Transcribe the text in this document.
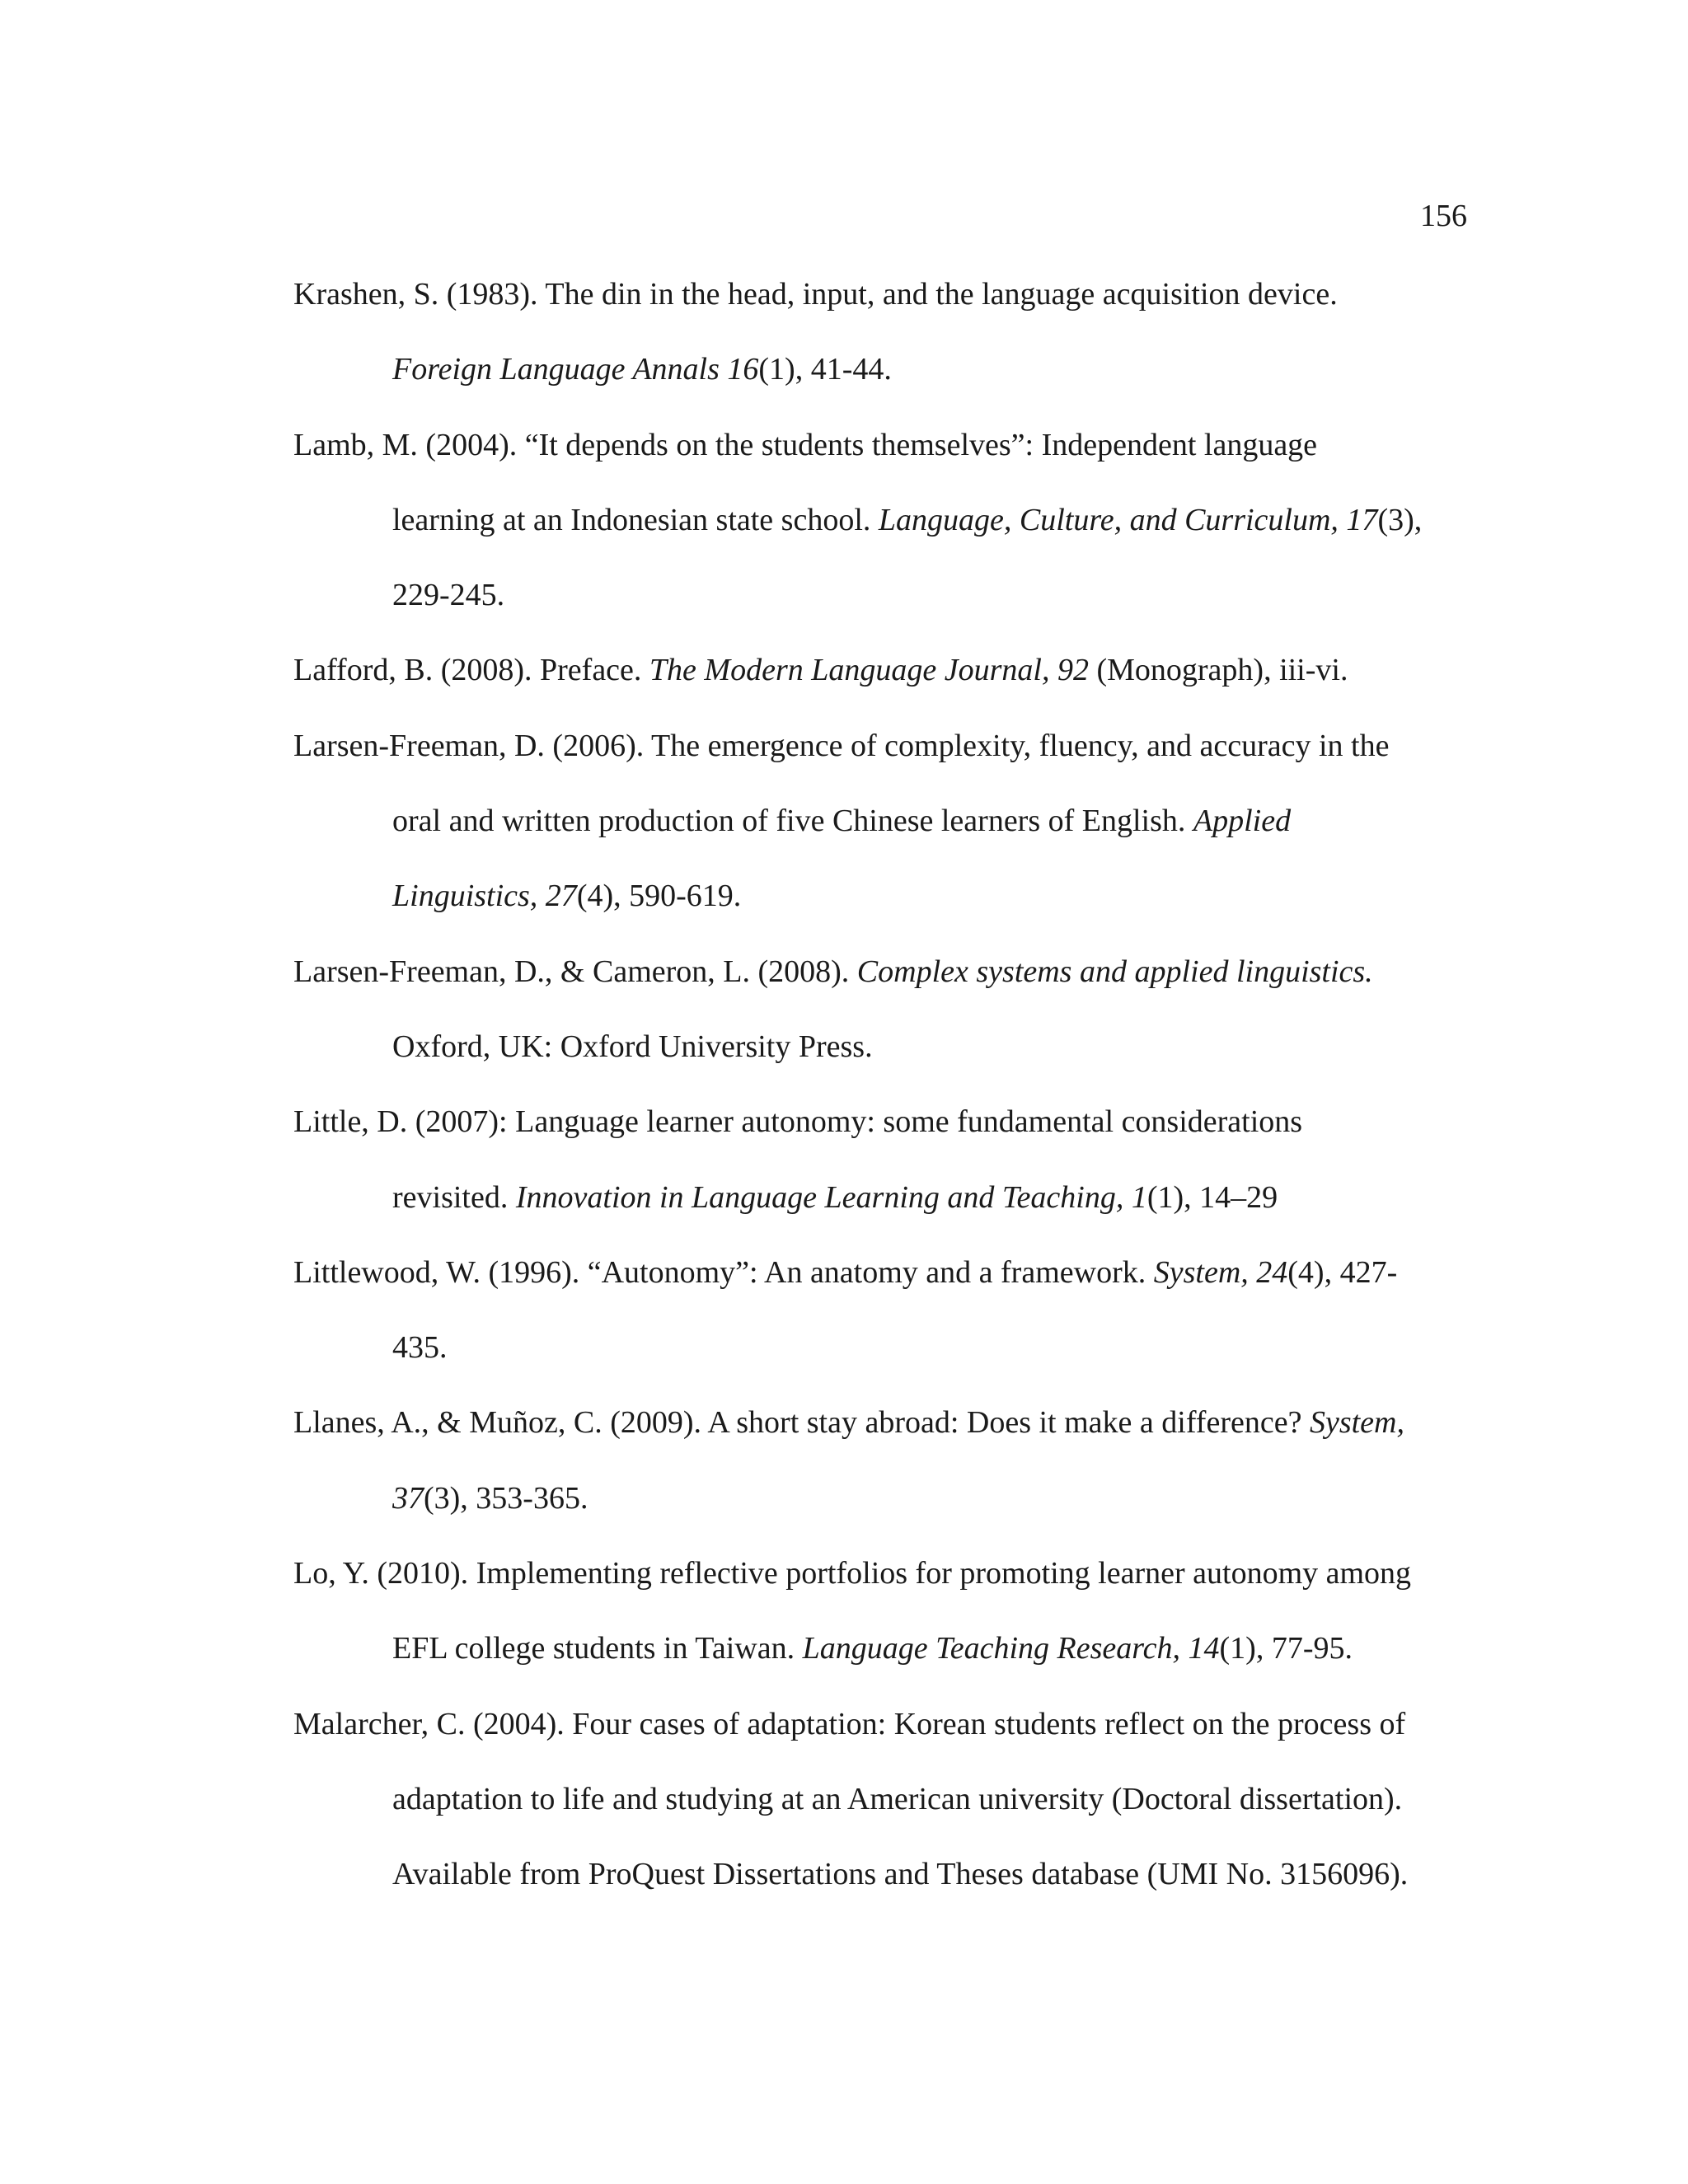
156
Krashen, S. (1983). The din in the head, input, and the language acquisition device.
Foreign Language Annals 16(1), 41-44.
Lamb, M. (2004). “It depends on the students themselves”: Independent language
learning at an Indonesian state school. Language, Culture, and Curriculum, 17(3),
229-245.
Lafford, B. (2008). Preface. The Modern Language Journal, 92 (Monograph), iii-vi.
Larsen-Freeman, D. (2006). The emergence of complexity, fluency, and accuracy in the
oral and written production of five Chinese learners of English. Applied
Linguistics, 27(4), 590-619.
Larsen-Freeman, D., & Cameron, L. (2008). Complex systems and applied linguistics.
Oxford, UK: Oxford University Press.
Little, D. (2007): Language learner autonomy: some fundamental considerations
revisited. Innovation in Language Learning and Teaching, 1(1), 14–29
Littlewood, W. (1996). “Autonomy”: An anatomy and a framework. System, 24(4), 427-
435.
Llanes, A., & Muñoz, C. (2009). A short stay abroad: Does it make a difference? System,
37(3), 353-365.
Lo, Y. (2010). Implementing reflective portfolios for promoting learner autonomy among
EFL college students in Taiwan. Language Teaching Research, 14(1), 77-95.
Malarcher, C. (2004). Four cases of adaptation: Korean students reflect on the process of
adaptation to life and studying at an American university (Doctoral dissertation).
Available from ProQuest Dissertations and Theses database (UMI No. 3156096).
